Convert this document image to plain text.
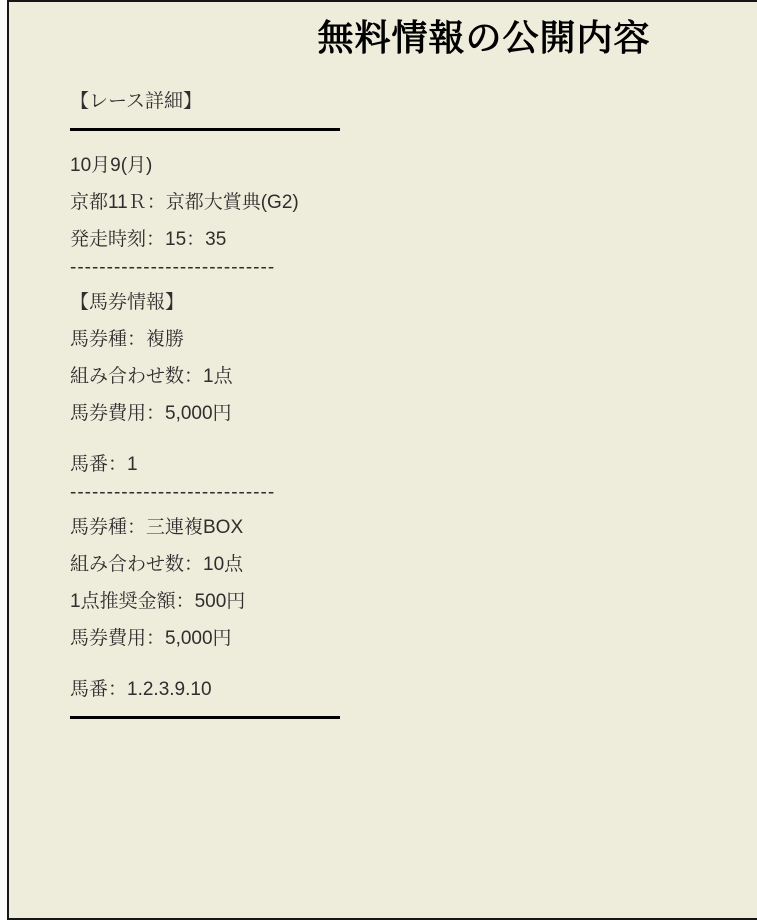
無料情報の公開内容
【レース詳細】
10月9(月)
京都11Ｒ：京都大賞典(G2)
発走時刻：15：35
----------------------------
【馬券情報】
馬券種：複勝
組み合わせ数：1点
馬券費用：5,000円
馬番：1
----------------------------
馬券種：三連複BOX
組み合わせ数：10点
1点推奨金額：500円
馬券費用：5,000円
馬番：1.2.3.9.10
